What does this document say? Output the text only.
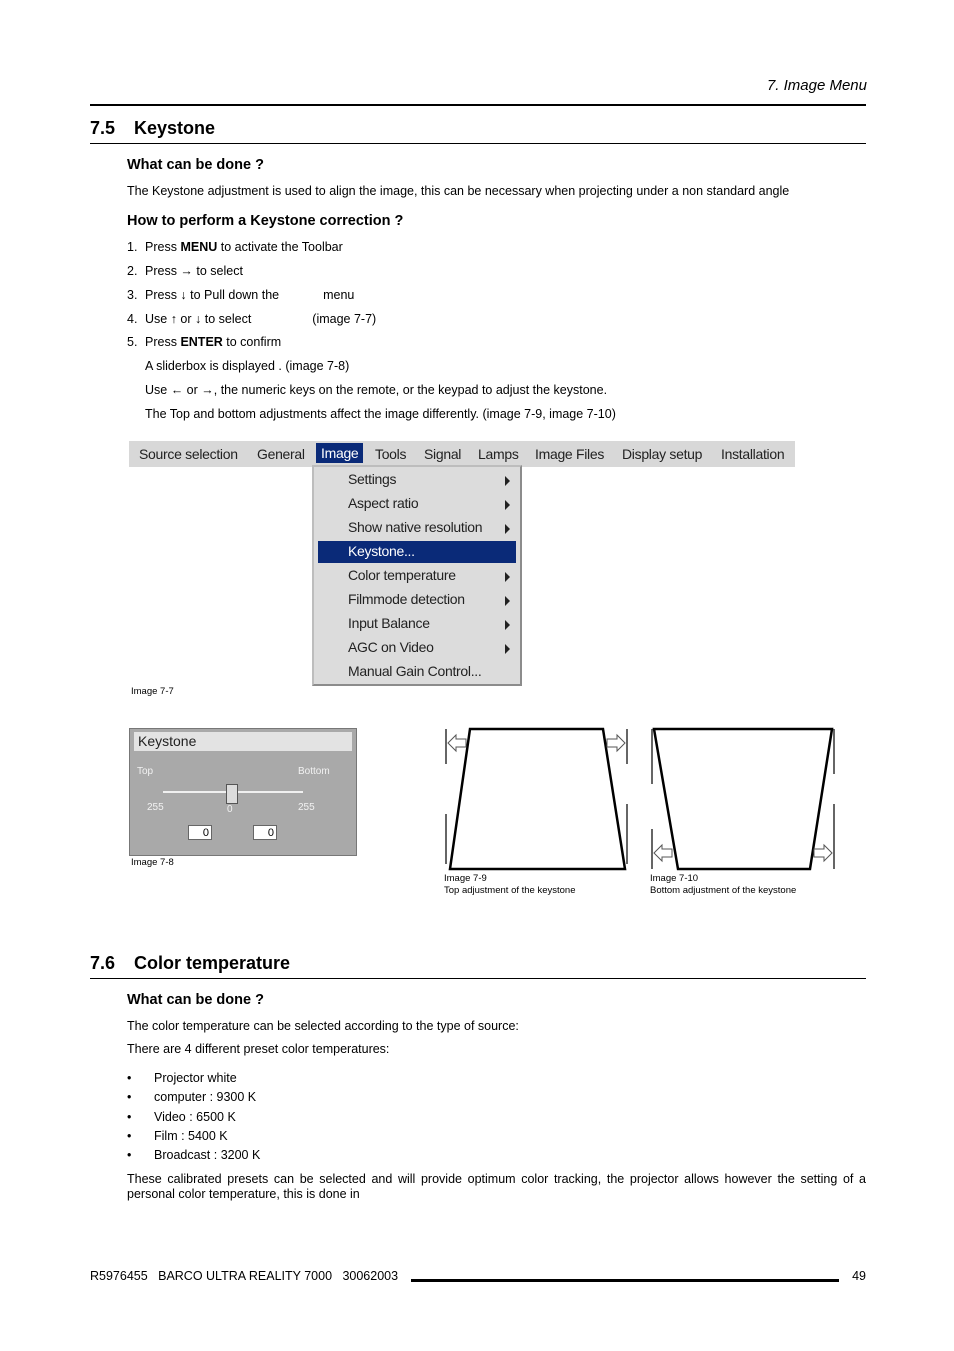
7. Image Menu
7.5 Keystone
What can be done ?
The Keystone adjustment is used to align the image, this can be necessary when projecting under a non standard angle
How to perform a Keystone correction ?
1. Press MENU to activate the Toolbar
2. Press → to select
3. Press ↓ to Pull down the	menu
4. Use ↑ or ↓ to select	(image 7-7)
5. Press ENTER to confirm
A sliderbox is displayed . (image 7-8)
Use ← or →, the numeric keys on the remote, or the keypad to adjust the keystone.
The Top and bottom adjustments affect the image differently. (image 7-9, image 7-10)
Source selection General	Image	Tools Signal Lamps Image Files Display setup Installation
Settings
Aspect ratio
Show native resolution
Keystone...
Color temperature
Filmmode detection
Input Balance
AGC on Video
Manual Gain Control...
Image 7-7
Keystone
Top	Bottom
255	0	255
0	0
Image 7-8
Image 7-9
Top adjustment of the keystone
Image 7-10
Bottom adjustment of the keystone
7.6 Color temperature
What can be done ?
The color temperature can be selected according to the type of source:
There are 4 different preset color temperatures:
• Projector white
• computer : 9300 K
• Video : 6500 K
• Film : 5400 K
• Broadcast : 3200 K
These calibrated presets can be selected and will provide optimum color tracking, the projector allows however the setting of a personal color temperature, this is done in
R5976455   BARCO ULTRA REALITY 7000   30062003	49
